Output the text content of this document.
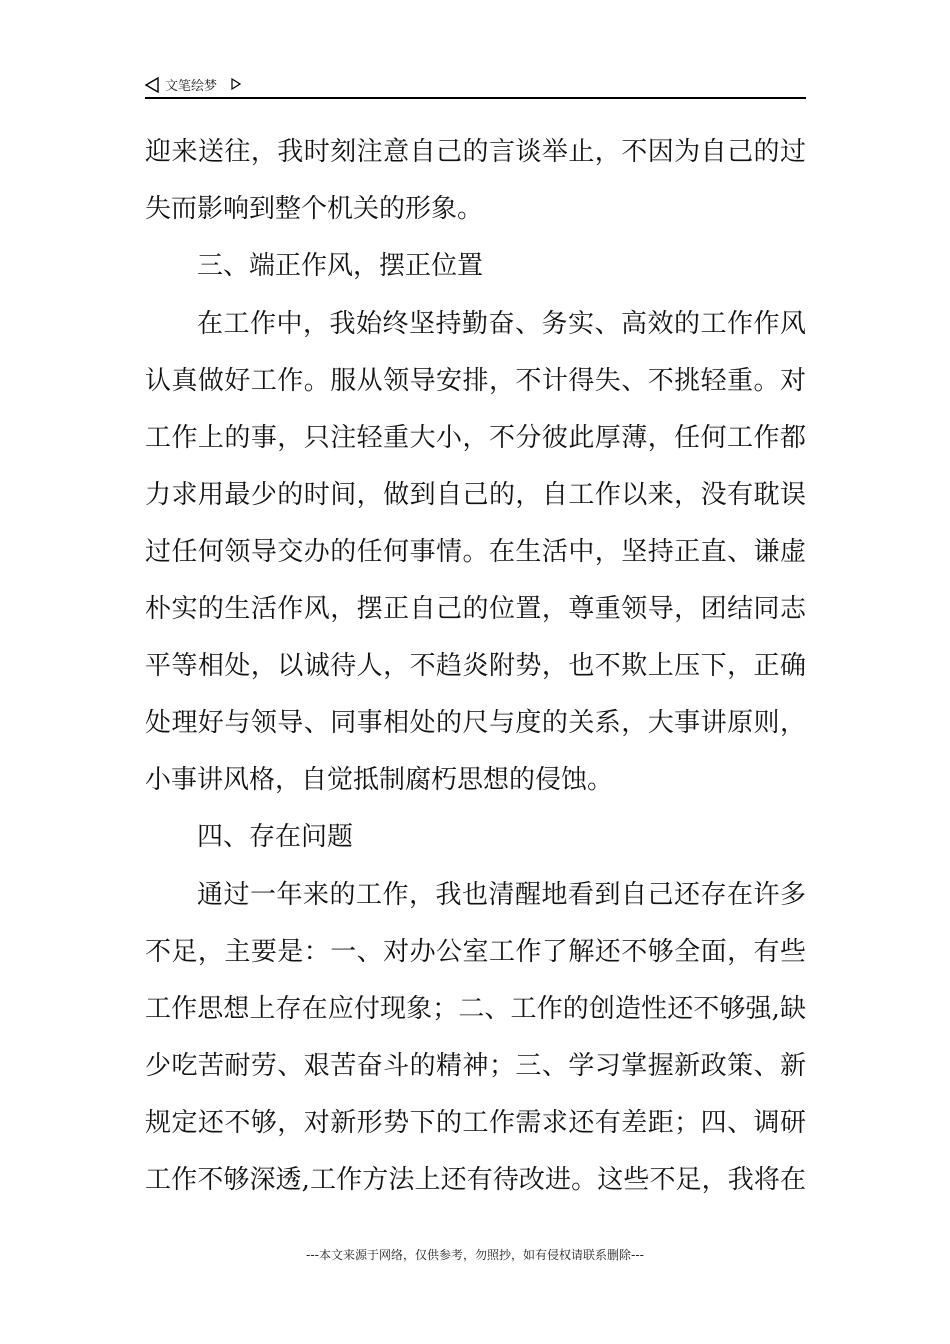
文笔绘梦
迎来送往，我时刻注意自己的言谈举止，不因为自己的过
失而影响到整个机关的形象。
三、端正作风，摆正位置
在工作中，我始终坚持勤奋、务实、高效的工作作风
认真做好工作。服从领导安排，不计得失、不挑轻重。对
工作上的事，只注轻重大小，不分彼此厚薄，任何工作都
力求用最少的时间，做到自己的，自工作以来，没有耽误
过任何领导交办的任何事情。在生活中，坚持正直、谦虚
朴实的生活作风，摆正自己的位置，尊重领导，团结同志
平等相处，以诚待人，不趋炎附势，也不欺上压下，正确
处理好与领导、同事相处的尺与度的关系，大事讲原则，
小事讲风格，自觉抵制腐朽思想的侵蚀。
四、存在问题
通过一年来的工作，我也清醒地看到自己还存在许多
不足，主要是：一、对办公室工作了解还不够全面，有些
工作思想上存在应付现象；二、工作的创造性还不够强,缺
少吃苦耐劳、艰苦奋斗的精神；三、学习掌握新政策、新
规定还不够，对新形势下的工作需求还有差距；四、调研
工作不够深透,工作方法上还有待改进。这些不足，我将在
---本文来源于网络，仅供参考，勿照抄，如有侵权请联系删除---
